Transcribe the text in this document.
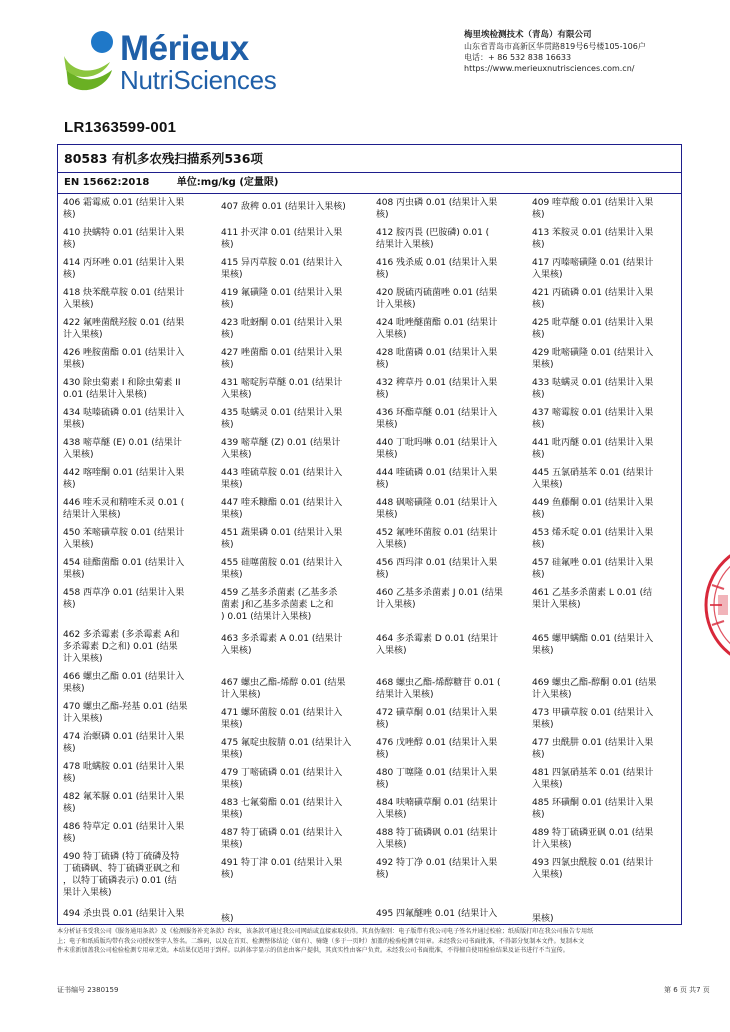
Mérieux
NutriSciences
梅里埃检测技术（青岛）有限公司
山东省青岛市高新区华贯路819号6号楼105-106户
电话：+ 86 532 838 16633
https://www.merieuxnutrisciences.com.cn/
LR1363599-001
80583 有机多农残扫描系列536项
EN 15662:2018	单位:mg/kg (定量限)
406 霜霉威 0.01 (结果计入果
核)
410 抉螨特 0.01 (结果计入果
核)
414 丙环唑 0.01 (结果计入果
核)
418 炔苯酰草胺 0.01 (结果计
入果核)
422 氟唑菌酰羟胺 0.01 (结果
计入果核)
426 唑胺菌酯 0.01 (结果计入
果核)
430 除虫菊素 I 和除虫菊素 II
0.01 (结果计入果核)
434 哒嗪硫磷 0.01 (结果计入
果核)
438 嘧草醚 (E) 0.01 (结果计
入果核)
442 喀喹酮 0.01 (结果计入果
核)
446 喹禾灵和精喹禾灵 0.01 (
结果计入果核)
450 苯嘧磺草胺 0.01 (结果计
入果核)
454 硅酯菌酯 0.01 (结果计入
果核)
458 西草净 0.01 (结果计入果
核)
462 多杀霉素 (多杀霉素 A和
多杀霉素 D之和) 0.01 (结果
计入果核)
466 螺虫乙酯 0.01 (结果计入
果核)
470 螺虫乙酯-羟基 0.01 (结果
计入果核)
474 治螟磷 0.01 (结果计入果
核)
478 吡螨胺 0.01 (结果计入果
核)
482 氟苯脲 0.01 (结果计入果
核)
486 特草定 0.01 (结果计入果
核)
490 特丁硫磷 (特丁硫磷及特
丁硫磷砜、特丁硫磷亚砜之和
，以特丁硫磷表示) 0.01 (结
果计入果核)
494 杀虫畏 0.01 (结果计入果
407 敌稗 0.01 (结果计入果核)
411 扑灭津 0.01 (结果计入果
核)
415 异丙草胺 0.01 (结果计入
果核)
419 氟磺隆 0.01 (结果计入果
核)
423 吡蚜酮 0.01 (结果计入果
核)
427 唑菌酯 0.01 (结果计入果
核)
431 嘧啶肟草醚 0.01 (结果计
入果核)
435 哒螨灵 0.01 (结果计入果
核)
439 嘧草醚 (Z) 0.01 (结果计
入果核)
443 喹硫草胺 0.01 (结果计入
果核)
447 喹禾糠酯 0.01 (结果计入
果核)
451 蔬果磷 0.01 (结果计入果
核)
455 硅噻菌胺 0.01 (结果计入
果核)
459 乙基多杀菌素 (乙基多杀
菌素 J和乙基多杀菌素 L之和
) 0.01 (结果计入果核)
463 多杀霉素 A 0.01 (结果计
入果核)
467 螺虫乙酯-烯醇 0.01 (结果
计入果核)
471 螺环菌胺 0.01 (结果计入
果核)
475 氟啶虫胺腈 0.01 (结果计入
果核)
479 丁嘧硫磷 0.01 (结果计入
果核)
483 七氟菊酯 0.01 (结果计入
果核)
487 特丁硫磷 0.01 (结果计入
果核)
491 特丁津 0.01 (结果计入果
核)
核)
408 丙虫磷 0.01 (结果计入果
核)
412 胺丙畏 (巴胺磷) 0.01 (
结果计入果核)
416 残杀威 0.01 (结果计入果
核)
420 脱硫丙硫菌唑 0.01 (结果
计入果核)
424 吡唑醚菌酯 0.01 (结果计
入果核)
428 吡菌磷 0.01 (结果计入果
核)
432 稗草丹 0.01 (结果计入果
核)
436 环酯草醚 0.01 (结果计入
果核)
440 丁吡吗啉 0.01 (结果计入
果核)
444 喹硫磷 0.01 (结果计入果
核)
448 砜嘧磺隆 0.01 (结果计入
果核)
452 氟唑环菌胺 0.01 (结果计
入果核)
456 西玛津 0.01 (结果计入果
核)
460 乙基多杀菌素 J 0.01 (结果
计入果核)
464 多杀霉素 D 0.01 (结果计
入果核)
468 螺虫乙酯-烯醇糖苷 0.01 (
结果计入果核)
472 磺草酮 0.01 (结果计入果
核)
476 戊唑醇 0.01 (结果计入果
核)
480 丁噻隆 0.01 (结果计入果
核)
484 呋喃磺草酮 0.01 (结果计
入果核)
488 特丁硫磷砜 0.01 (结果计
入果核)
492 特丁净 0.01 (结果计入果
核)
495 四氟醚唑 0.01 (结果计入
409 喹草酸 0.01 (结果计入果
核)
413 苯胺灵 0.01 (结果计入果
核)
417 丙嗪嘧磺隆 0.01 (结果计
入果核)
421 丙硫磷 0.01 (结果计入果
核)
425 吡草醚 0.01 (结果计入果
核)
429 吡嘧磺隆 0.01 (结果计入
果核)
433 哒螨灵 0.01 (结果计入果
核)
437 嘧霉胺 0.01 (结果计入果
核)
441 吡丙醚 0.01 (结果计入果
核)
445 五氯硝基苯 0.01 (结果计
入果核)
449 鱼藤酮 0.01 (结果计入果
核)
453 烯禾啶 0.01 (结果计入果
核)
457 硅氟唑 0.01 (结果计入果
核)
461 乙基多杀菌素 L 0.01 (结
果计入果核)
465 螺甲螨酯 0.01 (结果计入
果核)
469 螺虫乙酯-醇酮 0.01 (结果
计入果核)
473 甲磺草胺 0.01 (结果计入
果核)
477 虫酰肼 0.01 (结果计入果
核)
481 四氯硝基苯 0.01 (结果计
入果核)
485 环磺酮 0.01 (结果计入果
核)
489 特丁硫磷亚砜 0.01 (结果
计入果核)
493 四氯虫酰胺 0.01 (结果计
入果核)
果核)
本分析证书受我公司《服务通用条款》及《检测服务补充条款》约束，该条款可通过我公司网站或直接索取获得。其真伪鉴别：电子版带有我公司电子签名并通过校验；纸质版打印在我公司报告专用纸
上；电子和纸质版均带有我公司授权签字人签名。二维码，以及在首页、检测整体结论（如有）、骑缝（多于一页时）加盖的检验检测专用章。未经我公司书面批准，不得部分复制本文件。复制本文
件未重新加盖我公司检验检测专用章无效。本结果仅适用于到样。以斜体字显示的信息由客户提供，其真实性由客户负责。未经我公司书面批准，不得擅自使用检验结果及证书进行不当宣传。
证书编号 2380159	第 6 页 共7 页
